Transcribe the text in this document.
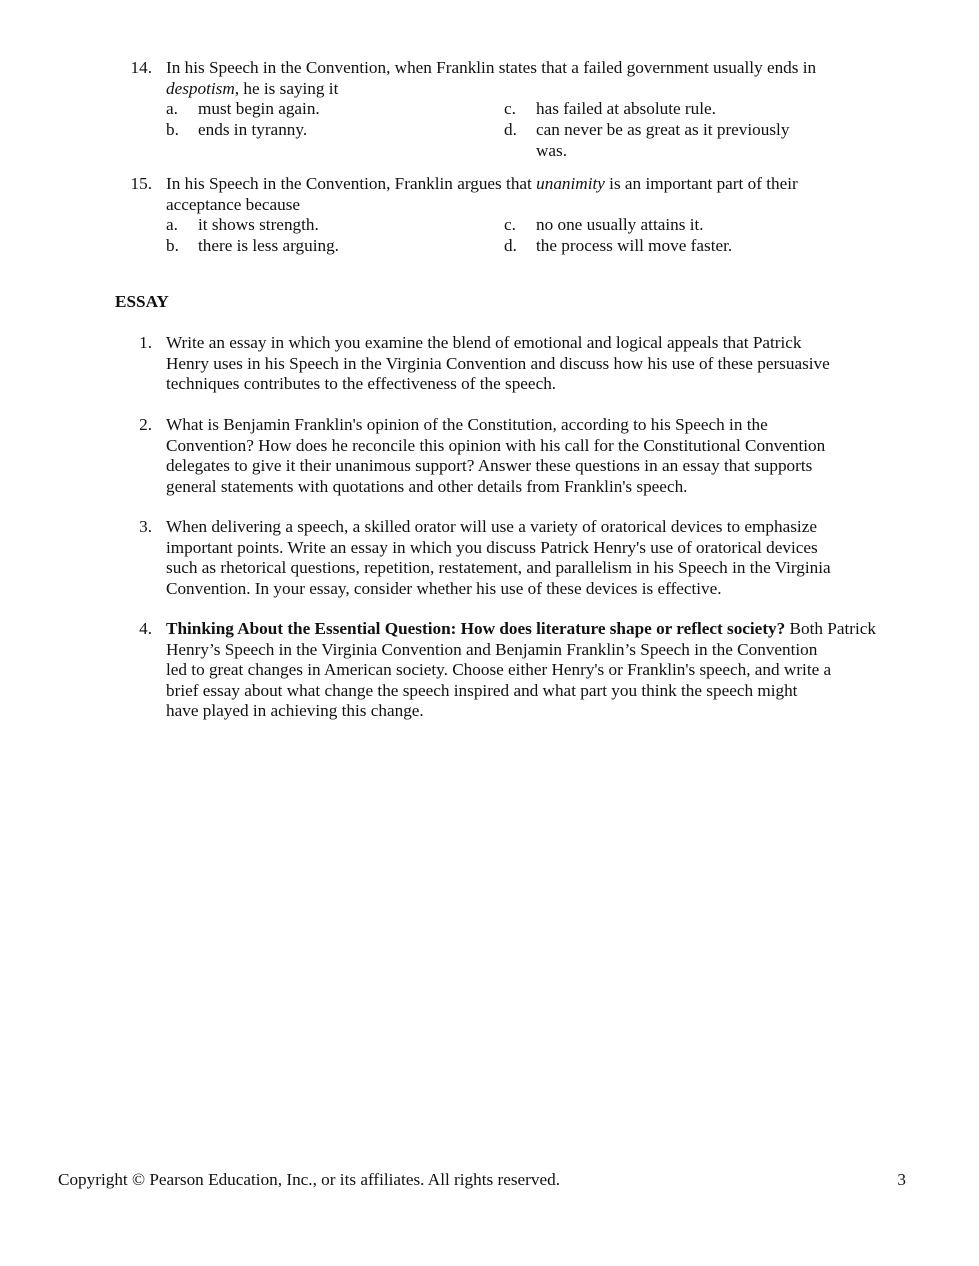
14. In his Speech in the Convention, when Franklin states that a failed government usually ends in
despotism, he is saying it
a. must begin again.
b. ends in tyranny.
c. has failed at absolute rule.
d. can never be as great as it previously
was.
15. In his Speech in the Convention, Franklin argues that unanimity is an important part of their
acceptance because
a. it shows strength.
b. there is less arguing.
c. no one usually attains it.
d. the process will move faster.
ESSAY
1. Write an essay in which you examine the blend of emotional and logical appeals that Patrick
Henry uses in his Speech in the Virginia Convention and discuss how his use of these persuasive
techniques contributes to the effectiveness of the speech.
2. What is Benjamin Franklin's opinion of the Constitution, according to his Speech in the
Convention? How does he reconcile this opinion with his call for the Constitutional Convention
delegates to give it their unanimous support? Answer these questions in an essay that supports
general statements with quotations and other details from Franklin's speech.
3. When delivering a speech, a skilled orator will use a variety of oratorical devices to emphasize
important points. Write an essay in which you discuss Patrick Henry's use of oratorical devices
such as rhetorical questions, repetition, restatement, and parallelism in his Speech in the Virginia
Convention. In your essay, consider whether his use of these devices is effective.
4. Thinking About the Essential Question: How does literature shape or reflect society? Both Patrick
Henry’s Speech in the Virginia Convention and Benjamin Franklin’s Speech in the Convention
led to great changes in American society. Choose either Henry's or Franklin's speech, and write a
brief essay about what change the speech inspired and what part you think the speech might
have played in achieving this change.
Copyright © Pearson Education, Inc., or its affiliates. All rights reserved.	3
